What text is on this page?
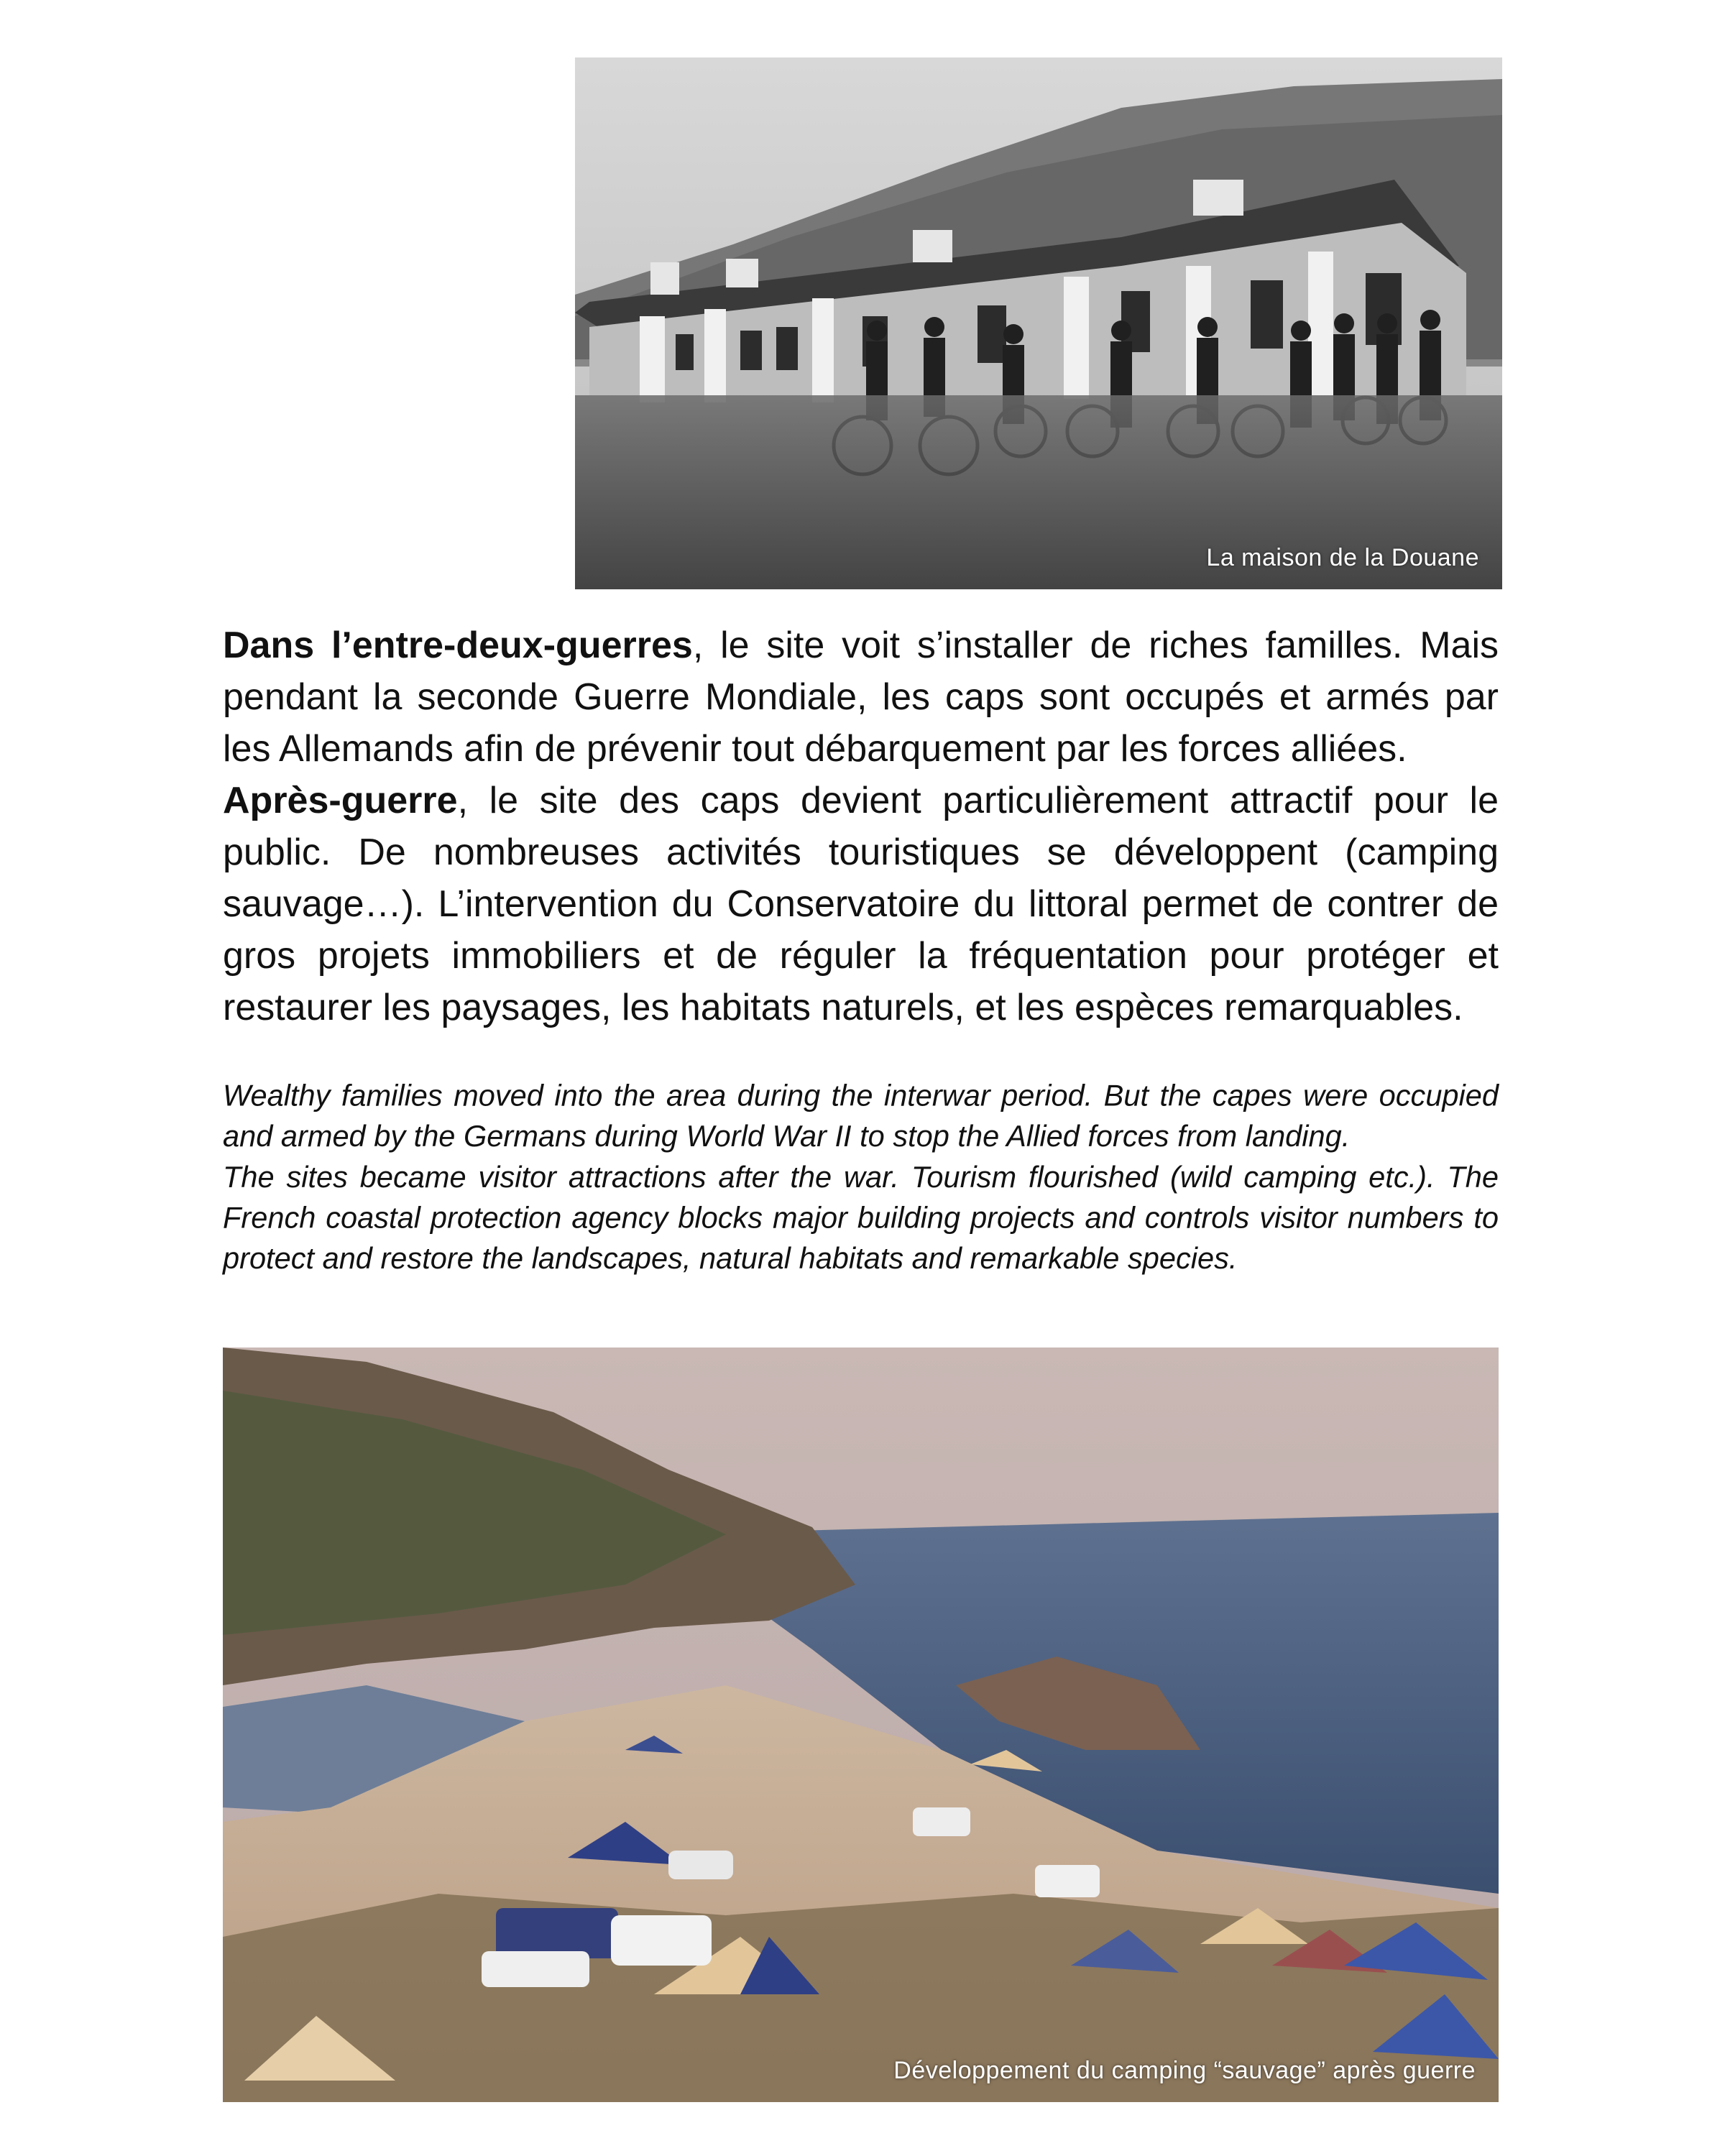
La maison de la Douane

Dans l’entre-deux-guerres, le site voit s’installer de riches familles. Mais pendant la seconde Guerre Mondiale, les caps sont occupés et armés par les Allemands afin de prévenir tout débarquement par les forces alliées.

Après-guerre, le site des caps devient particulièrement attractif pour le public. De nombreuses activités touristiques se développent (camping sauvage…). L’intervention du Conservatoire du littoral permet de contrer de gros projets immobiliers et de réguler la fréquentation pour protéger et restaurer les paysages, les habitats naturels, et les espèces remarquables.

Wealthy families moved into the area during the interwar period. But the capes were occupied and armed by the Germans during World War II to stop the Allied forces from landing.

The sites became visitor attractions after the war. Tourism flourished (wild camping etc.). The French coastal protection agency blocks major building projects and controls visitor numbers to protect and restore the landscapes, natural habitats and remarkable species.

Développement du camping “sauvage” après guerre
